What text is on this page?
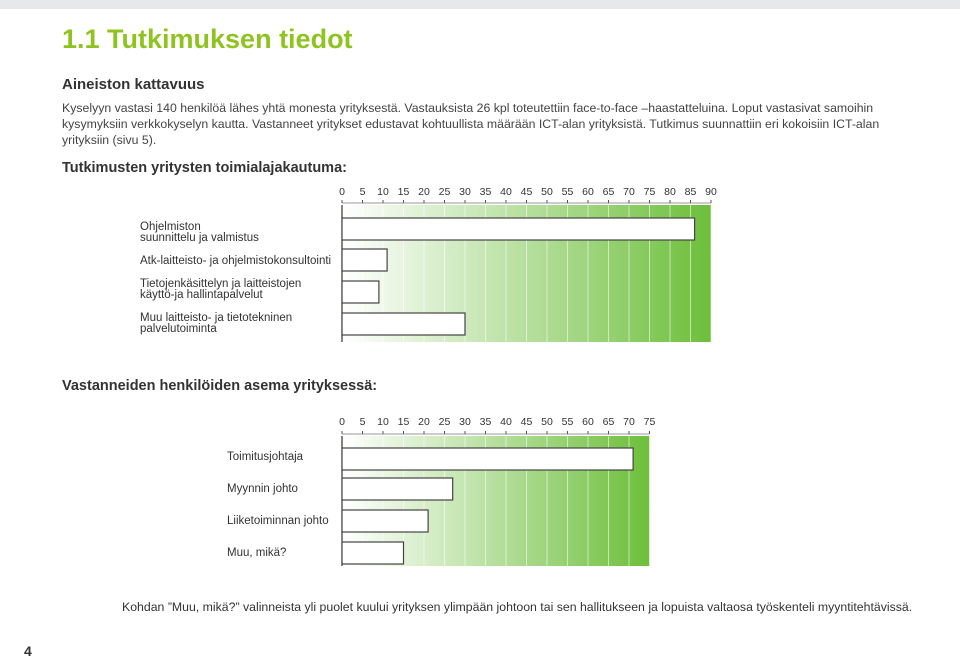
1.1 Tutkimuksen tiedot
Aineiston kattavuus

Kyselyyn vastasi 140 henkilöä lähes yhtä monesta yrityksestä. Vastauksista 26 kpl toteutettiin face-to-face –haastatteluina. Loput vastasivat samoihin kysymyksiin verkkokyselyn kautta. Vastanneet yritykset edustavat kohtuullista määrään ICT-alan yrityksistä. Tutkimus suunnattiin eri kokoisiin ICT-alan yrityksiin (sivu 5).

Tutkimusten yritysten toimialajakautuma:
Vastanneiden henkilöiden asema yrityksessä:
0 5 10 15 20 25 30 35 40 45 50 55 60 65 70 75 80 85 90
Ohjelmiston
suunnittelu ja valmistus
Atk-laitteisto- ja ohjelmistokonsultointi
Tietojenkäsittelyn ja laitteistojen
käyttö-ja hallintapalvelut
Muu laitteisto- ja tietotekninen
palvelutoiminta
0 5 10 15 20 25 30 35 40 45 50 55 60 65 70 75
Toimitusjohtaja
Myynnin johto
Liiketoiminnan johto
Muu, mikä?

Kohdan ”Muu, mikä?” valinneista yli puolet kuului yrityksen ylimpään johtoon tai sen hallitukseen ja lopuista valtaosa työskenteli myyntitehtävissä.

4
